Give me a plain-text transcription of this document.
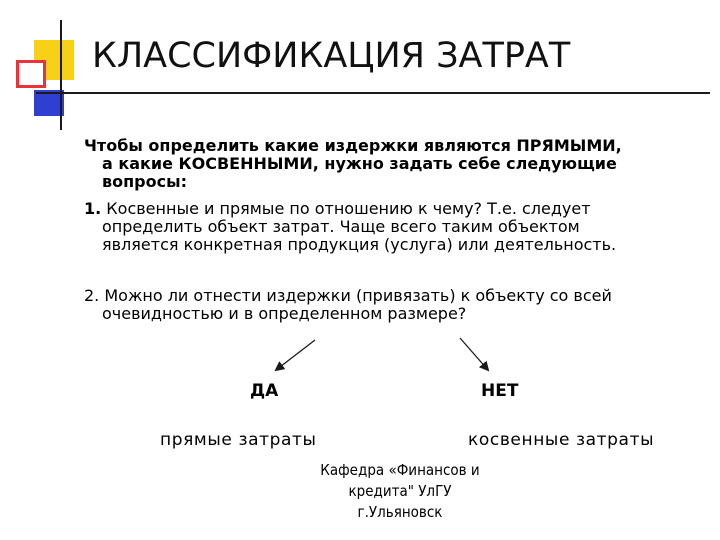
КЛАССИФИКАЦИЯ ЗАТРАТ
Чтобы определить какие издержки являются ПРЯМЫМИ,
а какие КОСВЕННЫМИ, нужно задать себе следующие
вопросы:
1. Косвенные и прямые по отношению к чему? Т.е. следует
определить объект затрат. Чаще всего таким объектом
является конкретная продукция (услуга) или деятельность.
2. Можно ли отнести издержки (привязать) к объекту со всей
очевидностью и в определенном размере?
ДА	НЕТ
прямые затраты	косвенные затраты
Кафедра «Финансов и
кредита" УлГУ
г.Ульяновск
